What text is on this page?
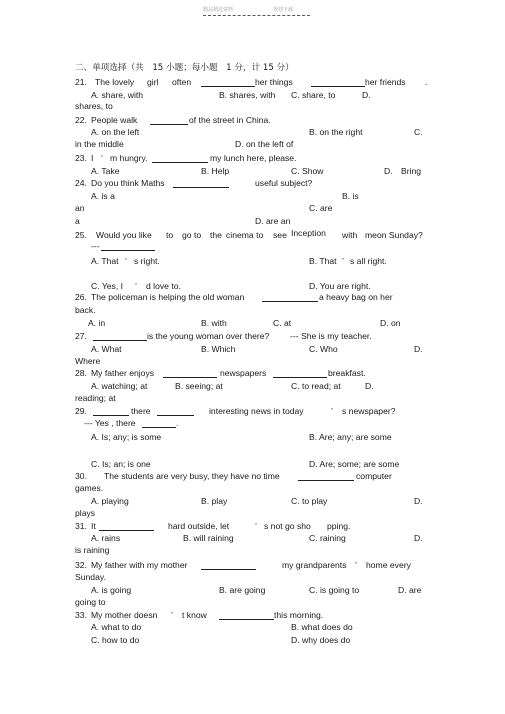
精品精选资料	欢迎下载
二、单项选择（共　15 小题；每小题　1 分，计 15 分）
21. The lovely girl often	her things	her friends .
A. share, with	B. shares, with C. share, to	D.
shares, to
22. People walk	of the street in China.
A. on the left	B. on the right	C.
in the middle	D. on the left of
23. I ’ m hungry.	my lunch here, please.
A. Take	B. Help	C. Show	D. Bring
24. Do you think Maths	useful subject?
A. is a	B. is
an	C. are
a	D. are an
25. Would you like to go to the cinema to see Inception with meon Sunday?
---
A. That ’ s right.	B. That ’ s all right.
C. Yes, I ’ d love to.	D. You are right.
26. The policeman is helping the old woman	a heavy bag on her
back.
A. in	B. with	C. at	D. on
27.	is the young woman over there? --- She is my teacher.
A. What	B. Which	C. Who	D.
Where
28. My father enjoys	newspapers	breakfast.
A. watching; at	B. seeing; at	C. to read; at	D.
reading; at
29.	there	interesting news in today	’ s newspaper?
--- Yes , there	.
A. Is; any; is some	B. Are; any; are some
C. Is; an; is one	D. Are; some; are some
30. The students are very busy, they have no time	computer
games.
A. playing	B. play	C. to play	D.
plays
31. It	hard outside, let	’ s not go sho pping.
A. rains	B. will raining	C. raining	D.
is raining
32. My father with my mother	my grandparents ’ home every
Sunday.
A. is going	B. are going	C. is going to	D. are
going to
33. My mother doesn ’ t know	this morning.
A. what to do	B. what does do
C. how to do	D. why does do
